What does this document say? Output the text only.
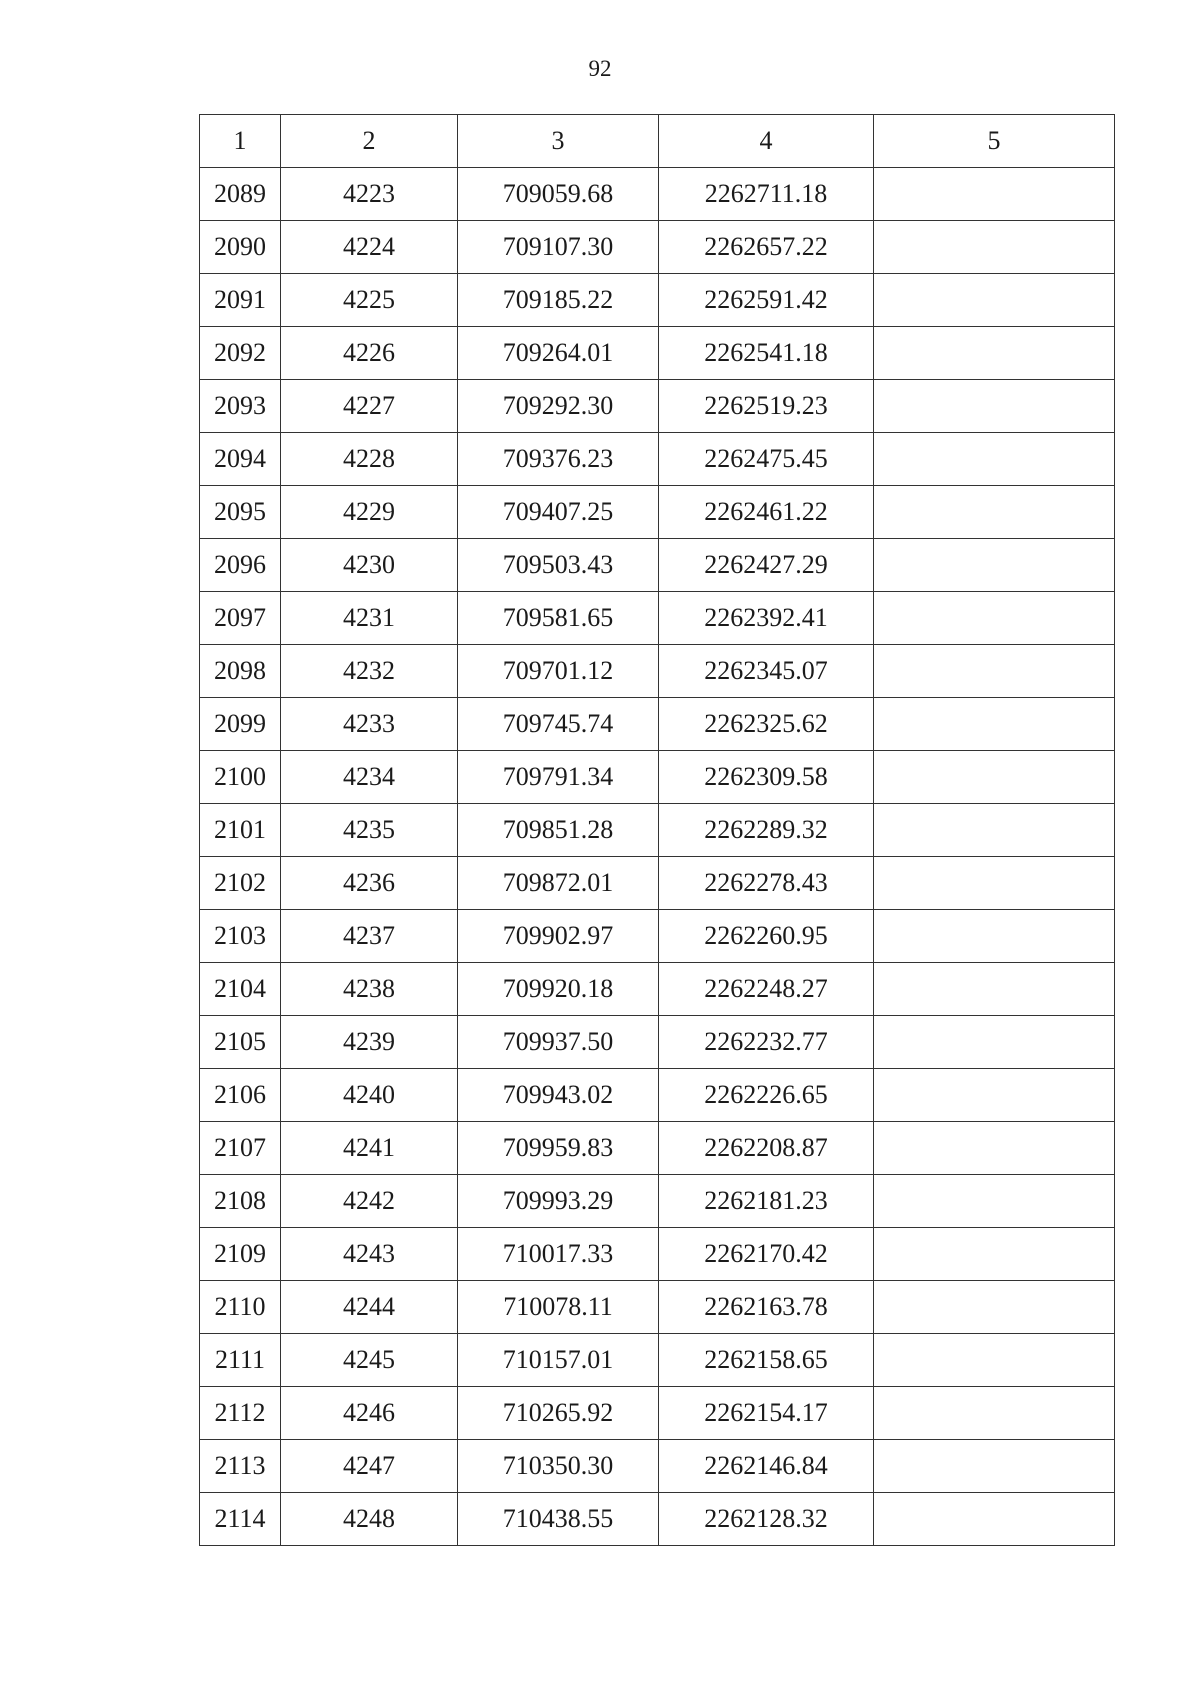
92
1	2	3	4	5
2089	4223	709059.68	2262711.18	
2090	4224	709107.30	2262657.22	
2091	4225	709185.22	2262591.42	
2092	4226	709264.01	2262541.18	
2093	4227	709292.30	2262519.23	
2094	4228	709376.23	2262475.45	
2095	4229	709407.25	2262461.22	
2096	4230	709503.43	2262427.29	
2097	4231	709581.65	2262392.41	
2098	4232	709701.12	2262345.07	
2099	4233	709745.74	2262325.62	
2100	4234	709791.34	2262309.58	
2101	4235	709851.28	2262289.32	
2102	4236	709872.01	2262278.43	
2103	4237	709902.97	2262260.95	
2104	4238	709920.18	2262248.27	
2105	4239	709937.50	2262232.77	
2106	4240	709943.02	2262226.65	
2107	4241	709959.83	2262208.87	
2108	4242	709993.29	2262181.23	
2109	4243	710017.33	2262170.42	
2110	4244	710078.11	2262163.78	
2111	4245	710157.01	2262158.65	
2112	4246	710265.92	2262154.17	
2113	4247	710350.30	2262146.84	
2114	4248	710438.55	2262128.32	
